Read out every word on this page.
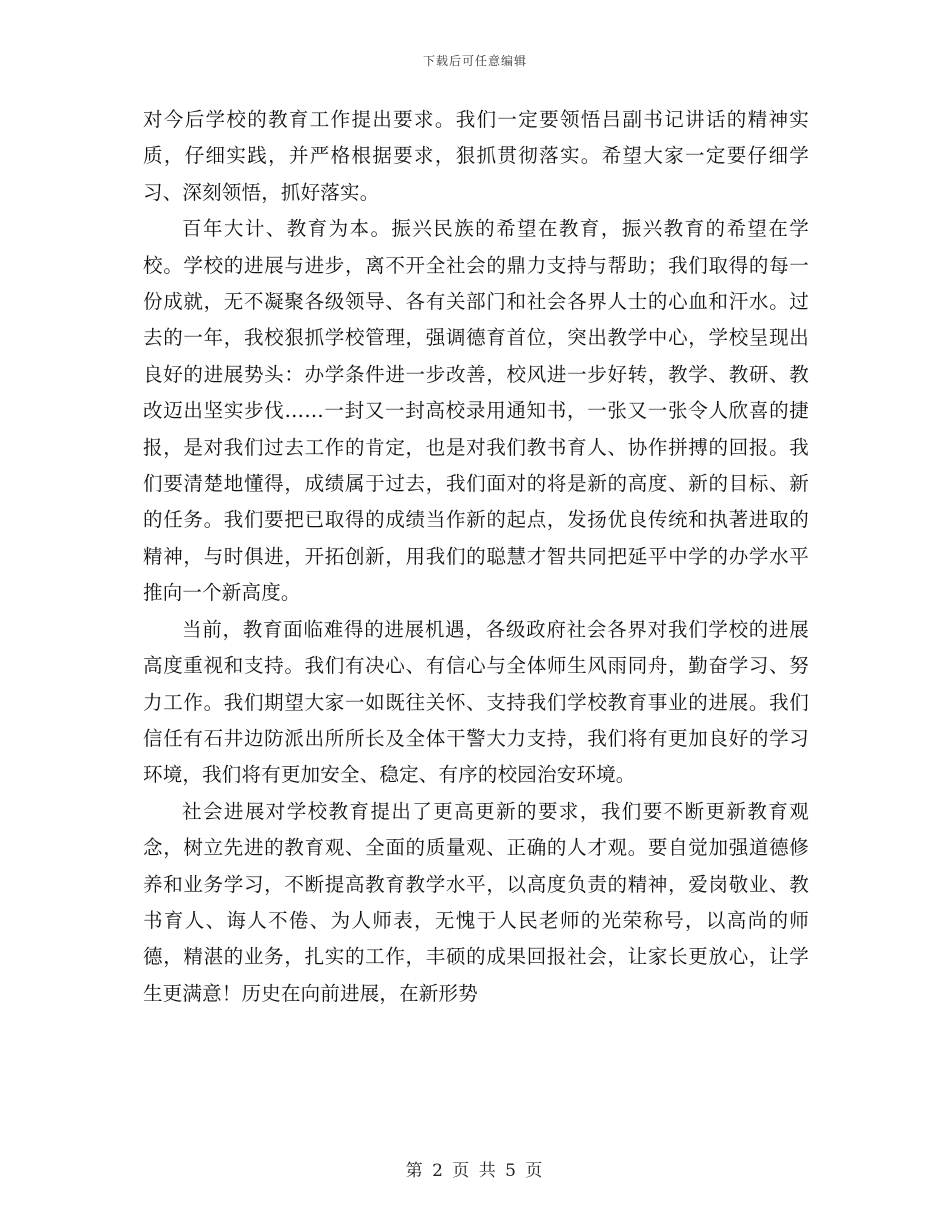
下载后可任意编辑

对今后学校的教育工作提出要求。我们一定要领悟吕副书记讲话的精神实质，仔细实践，并严格根据要求，狠抓贯彻落实。希望大家一定要仔细学习、深刻领悟，抓好落实。

百年大计、教育为本。振兴民族的希望在教育，振兴教育的希望在学校。学校的进展与进步，离不开全社会的鼎力支持与帮助；我们取得的每一份成就，无不凝聚各级领导、各有关部门和社会各界人士的心血和汗水。过去的一年，我校狠抓学校管理，强调德育首位，突出教学中心，学校呈现出良好的进展势头：办学条件进一步改善，校风进一步好转，教学、教研、教改迈出坚实步伐……一封又一封高校录用通知书，一张又一张令人欣喜的捷报，是对我们过去工作的肯定，也是对我们教书育人、协作拼搏的回报。我们要清楚地懂得，成绩属于过去，我们面对的将是新的高度、新的目标、新的任务。我们要把已取得的成绩当作新的起点，发扬优良传统和执著进取的精神，与时俱进，开拓创新，用我们的聪慧才智共同把延平中学的办学水平推向一个新高度。

当前，教育面临难得的进展机遇，各级政府社会各界对我们学校的进展高度重视和支持。我们有决心、有信心与全体师生风雨同舟，勤奋学习、努力工作。我们期望大家一如既往关怀、支持我们学校教育事业的进展。我们信任有石井边防派出所所长及全体干警大力支持，我们将有更加良好的学习环境，我们将有更加安全、稳定、有序的校园治安环境。

社会进展对学校教育提出了更高更新的要求，我们要不断更新教育观念，树立先进的教育观、全面的质量观、正确的人才观。要自觉加强道德修养和业务学习，不断提高教育教学水平，以高度负责的精神，爱岗敬业、教书育人、诲人不倦、为人师表，无愧于人民老师的光荣称号，以高尚的师德，精湛的业务，扎实的工作，丰硕的成果回报社会，让家长更放心，让学生更满意！历史在向前进展，在新形势

第 2 页 共 5 页
